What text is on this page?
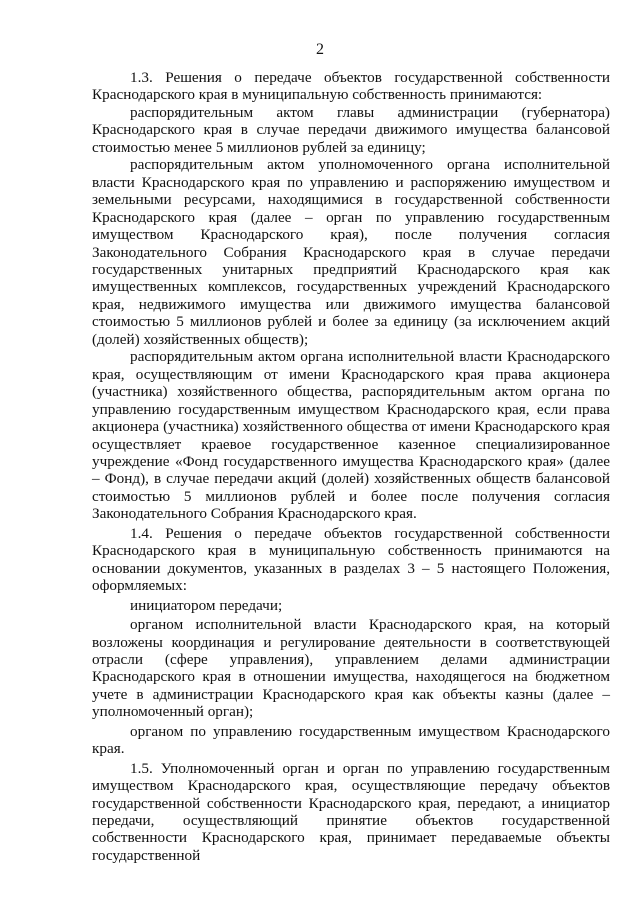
2

1.3. Решения о передаче объектов государственной собственности Краснодарского края в муниципальную собственность принимаются:

распорядительным актом главы администрации (губернатора) Краснодарского края в случае передачи движимого имущества балансовой стоимостью менее 5 миллионов рублей за единицу;

распорядительным актом уполномоченного органа исполнительной власти Краснодарского края по управлению и распоряжению имуществом и земельными ресурсами, находящимися в государственной собственности Краснодарского края (далее – орган по управлению государственным имуществом Краснодарского края), после получения согласия Законодательного Собрания Краснодарского края в случае передачи государственных унитарных предприятий Краснодарского края как имущественных комплексов, государственных учреждений Краснодарского края, недвижимого имущества или движимого имущества балансовой стоимостью 5 миллионов рублей и более за единицу (за исключением акций (долей) хозяйственных обществ);

распорядительным актом органа исполнительной власти Краснодарского края, осуществляющим от имени Краснодарского края права акционера (участника) хозяйственного общества, распорядительным актом органа по управлению государственным имуществом Краснодарского края, если права акционера (участника) хозяйственного общества от имени Краснодарского края осуществляет краевое государственное казенное специализированное учреждение «Фонд государственного имущества Краснодарского края» (далее – Фонд), в случае передачи акций (долей) хозяйственных обществ балансовой стоимостью 5 миллионов рублей и более после получения согласия Законодательного Собрания Краснодарского края.

1.4. Решения о передаче объектов государственной собственности Краснодарского края в муниципальную собственность принимаются на основании документов, указанных в разделах 3 – 5 настоящего Положения, оформляемых:

инициатором передачи;

органом исполнительной власти Краснодарского края, на который возложены координация и регулирование деятельности в соответствующей отрасли (сфере управления), управлением делами администрации Краснодарского края в отношении имущества, находящегося на бюджетном учете в администрации Краснодарского края как объекты казны (далее – уполномоченный орган);

органом по управлению государственным имуществом Краснодарского края.

1.5. Уполномоченный орган и орган по управлению государственным имуществом Краснодарского края, осуществляющие передачу объектов государственной собственности Краснодарского края, передают, а инициатор передачи, осуществляющий принятие объектов государственной собственности Краснодарского края, принимает передаваемые объекты государственной
